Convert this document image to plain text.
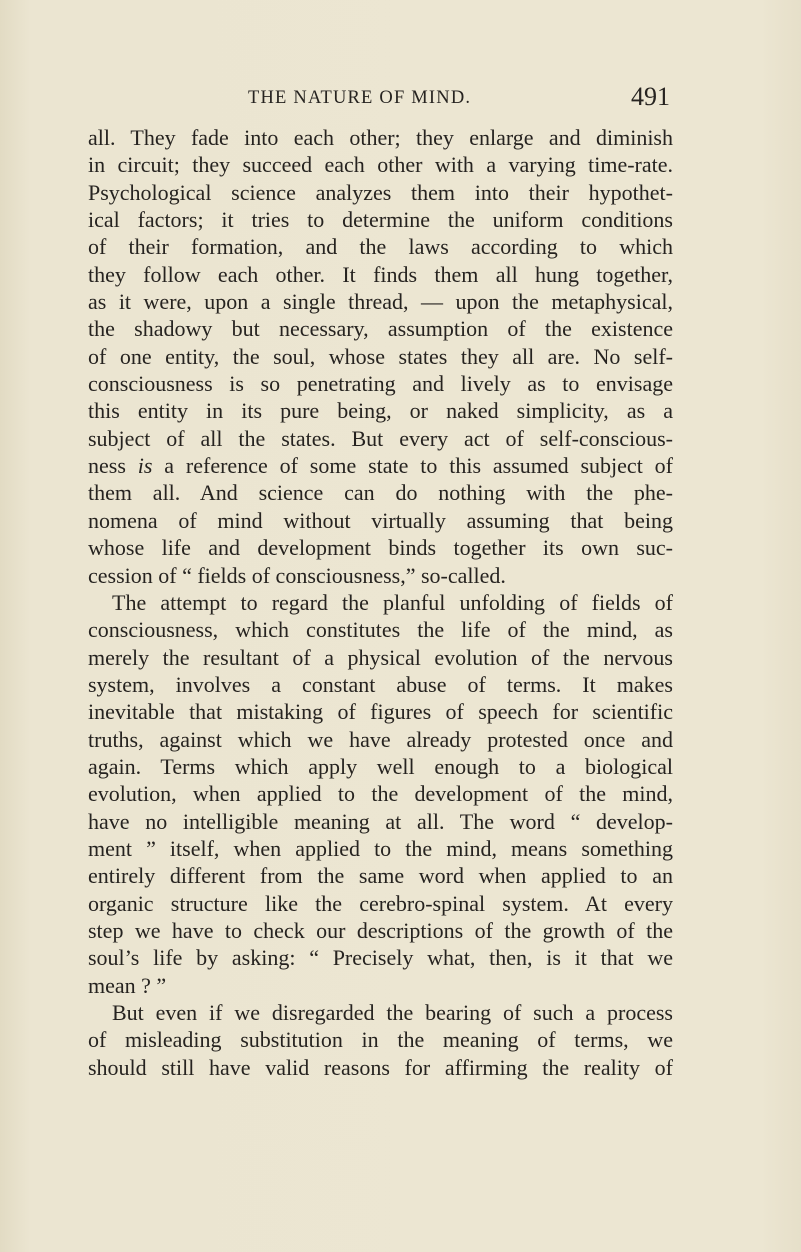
THE NATURE OF MIND.	491
all. They fade into each other; they enlarge and diminish
in circuit; they succeed each other with a varying time-rate.
Psychological science analyzes them into their hypothet-
ical factors; it tries to determine the uniform conditions
of their formation, and the laws according to which
they follow each other. It finds them all hung together,
as it were, upon a single thread, — upon the metaphysical,
the shadowy but necessary, assumption of the existence
of one entity, the soul, whose states they all are. No self-
consciousness is so penetrating and lively as to envisage
this entity in its pure being, or naked simplicity, as a
subject of all the states. But every act of self-conscious-
ness is a reference of some state to this assumed subject of
them all. And science can do nothing with the phe-
nomena of mind without virtually assuming that being
whose life and development binds together its own suc-
cession of “ fields of consciousness,” so-called.
The attempt to regard the planful unfolding of fields of
consciousness, which constitutes the life of the mind, as
merely the resultant of a physical evolution of the nervous
system, involves a constant abuse of terms. It makes
inevitable that mistaking of figures of speech for scientific
truths, against which we have already protested once and
again. Terms which apply well enough to a biological
evolution, when applied to the development of the mind,
have no intelligible meaning at all. The word “ develop-
ment ” itself, when applied to the mind, means something
entirely different from the same word when applied to an
organic structure like the cerebro-spinal system. At every
step we have to check our descriptions of the growth of the
soul’s life by asking: “ Precisely what, then, is it that we
mean ? ”
But even if we disregarded the bearing of such a process
of misleading substitution in the meaning of terms, we
should still have valid reasons for affirming the reality of
